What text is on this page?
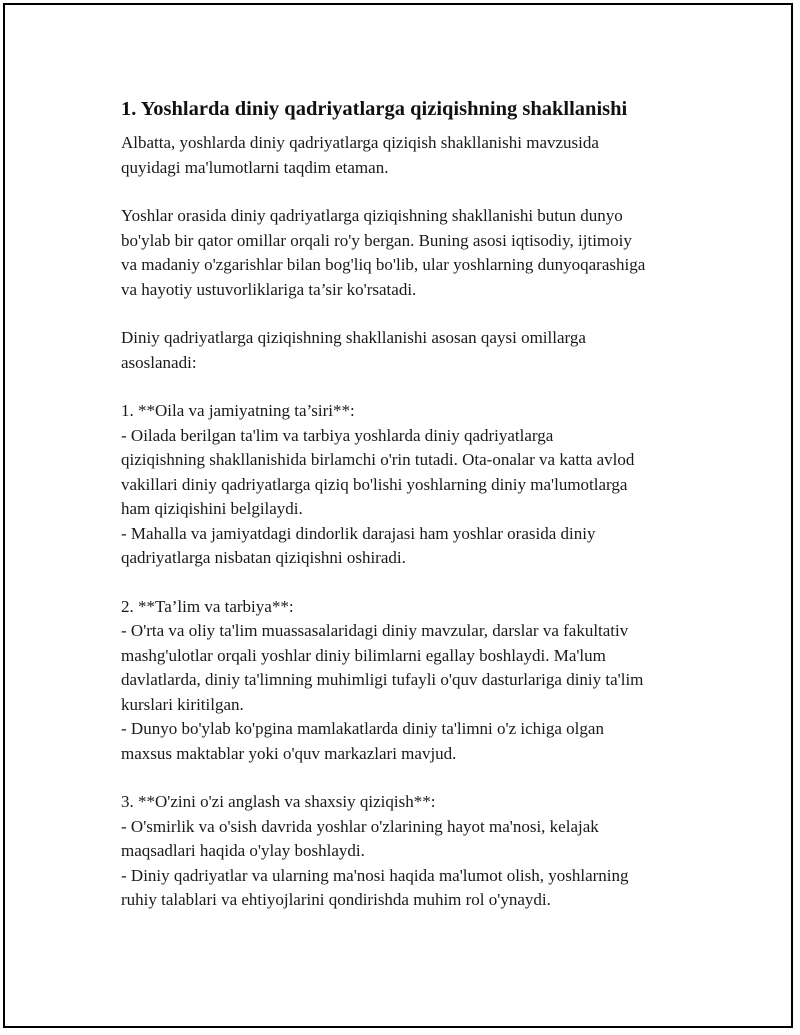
1. Yoshlarda diniy qadriyatlarga qiziqishning shakllanishi

Albatta, yoshlarda diniy qadriyatlarga qiziqish shakllanishi mavzusida
quyidagi ma'lumotlarni taqdim etaman.

Yoshlar orasida diniy qadriyatlarga qiziqishning shakllanishi butun dunyo
bo'ylab bir qator omillar orqali ro'y bergan. Buning asosi iqtisodiy, ijtimoiy
va madaniy o'zgarishlar bilan bog'liq bo'lib, ular yoshlarning dunyoqarashiga
va hayotiy ustuvorliklariga ta’sir ko'rsatadi.

Diniy qadriyatlarga qiziqishning shakllanishi asosan qaysi omillarga
asoslanadi:

1. **Oila va jamiyatning ta’siri**:

- Oilada berilgan ta'lim va tarbiya yoshlarda diniy qadriyatlarga
qiziqishning shakllanishida birlamchi o'rin tutadi. Ota-onalar va katta avlod
vakillari diniy qadriyatlarga qiziq bo'lishi yoshlarning diniy ma'lumotlarga
ham qiziqishini belgilaydi.

- Mahalla va jamiyatdagi dindorlik darajasi ham yoshlar orasida diniy
qadriyatlarga nisbatan qiziqishni oshiradi.

2. **Ta’lim va tarbiya**:

- O'rta va oliy ta'lim muassasalaridagi diniy mavzular, darslar va fakultativ
mashg'ulotlar orqali yoshlar diniy bilimlarni egallay boshlaydi. Ma'lum
davlatlarda, diniy ta'limning muhimligi tufayli o'quv dasturlariga diniy ta'lim
kurslari kiritilgan.

- Dunyo bo'ylab ko'pgina mamlakatlarda diniy ta'limni o'z ichiga olgan
maxsus maktablar yoki o'quv markazlari mavjud.

3. **O'zini o'zi anglash va shaxsiy qiziqish**:

- O'smirlik va o'sish davrida yoshlar o'zlarining hayot ma'nosi, kelajak
maqsadlari haqida o'ylay boshlaydi.

- Diniy qadriyatlar va ularning ma'nosi haqida ma'lumot olish, yoshlarning
ruhiy talablari va ehtiyojlarini qondirishda muhim rol o'ynaydi.
